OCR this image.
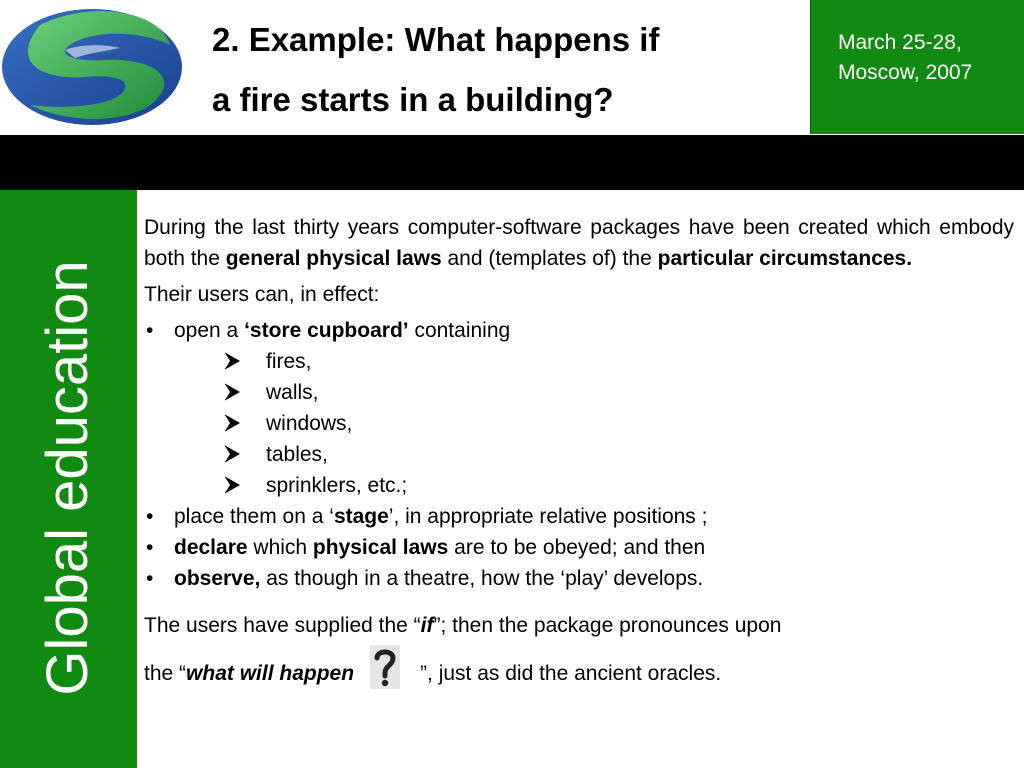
2. Example: What happens if
a fire starts in a building?
March 25-28,
Moscow, 2007
Global education

During the last thirty years computer-software packages have been created which embody both the general physical laws and (templates of) the particular circumstances.

Their users can, in effect:

• open a ‘store cupboard’ containing
fires,
walls,
windows,
tables,
sprinklers, etc.;
• place them on a ‘stage’, in appropriate relative positions ;
• declare which physical laws are to be obeyed; and then
• observe, as though in a theatre, how the ‘play’ develops.
The users have supplied the “if”; then the package pronounces upon
the “what will happen	”, just as did the ancient oracles.
